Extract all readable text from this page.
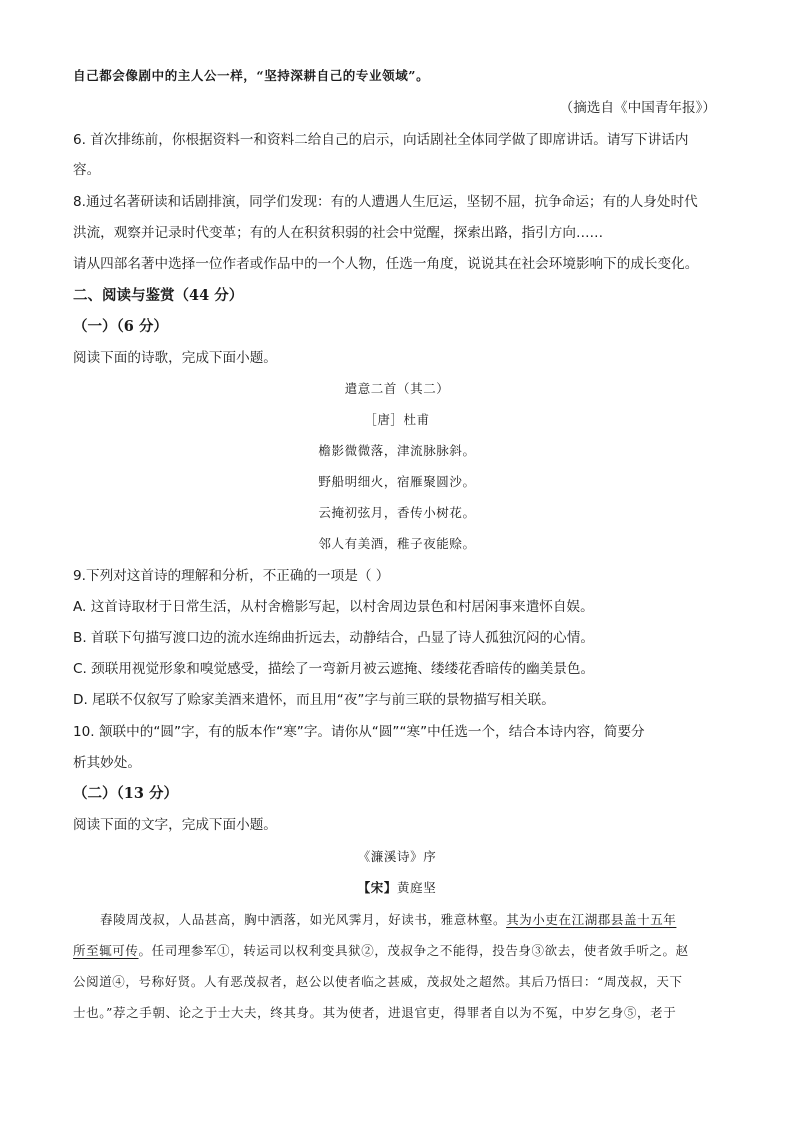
自己都会像剧中的主人公一样，“坚持深耕自己的专业领域”。
（摘选自《中国青年报》）
6. 首次排练前，你根据资料一和资料二给自己的启示，向话剧社全体同学做了即席讲话。请写下讲话内
容。
8.通过名著研读和话剧排演，同学们发现：有的人遭遇人生厄运，坚韧不屈，抗争命运；有的人身处时代
洪流，观察并记录时代变革；有的人在积贫积弱的社会中觉醒，探索出路，指引方向……
请从四部名著中选择一位作者或作品中的一个人物，任选一角度，说说其在社会环境影响下的成长变化。
二、阅读与鉴赏（44 分）
（一）（6 分）
阅读下面的诗歌，完成下面小题。
遣意二首（其二）
［唐］杜甫
檐影微微落，津流脉脉斜。
野船明细火，宿雁聚圆沙。
云掩初弦月，香传小树花。
邻人有美酒，稚子夜能赊。
9.下列对这首诗的理解和分析，不正确的一项是（ ）
A. 这首诗取材于日常生活，从村舍檐影写起，以村舍周边景色和村居闲事来遣怀自娱。
B. 首联下句描写渡口边的流水连绵曲折远去，动静结合，凸显了诗人孤独沉闷的心情。
C. 颈联用视觉形象和嗅觉感受，描绘了一弯新月被云遮掩、缕缕花香暗传的幽美景色。
D. 尾联不仅叙写了赊家美酒来遣怀，而且用“夜”字与前三联的景物描写相关联。
10. 颔联中的“圆”字，有的版本作“寒”字。请你从“圆”“寒”中任选一个，结合本诗内容，简要分
析其妙处。
（二）（13 分）
阅读下面的文字，完成下面小题。
《濂溪诗》序
【宋】黄庭坚
舂陵周茂叔，人品甚高，胸中洒落，如光风霁月，好读书，雅意林壑。其为小吏在江湖郡县盖十五年
所至辄可传。任司理参军①，转运司以权利变具狱②，茂叔争之不能得，投告身③欲去，使者敛手听之。赵
公阅道④，号称好贤。人有恶茂叔者，赵公以使者临之甚威，茂叔处之超然。其后乃悟曰：“周茂叔，天下
士也。”荐之手朝、论之于士大夫，终其身。其为使者，进退官吏，得罪者自以为不冤，中岁乞身⑤，老于
